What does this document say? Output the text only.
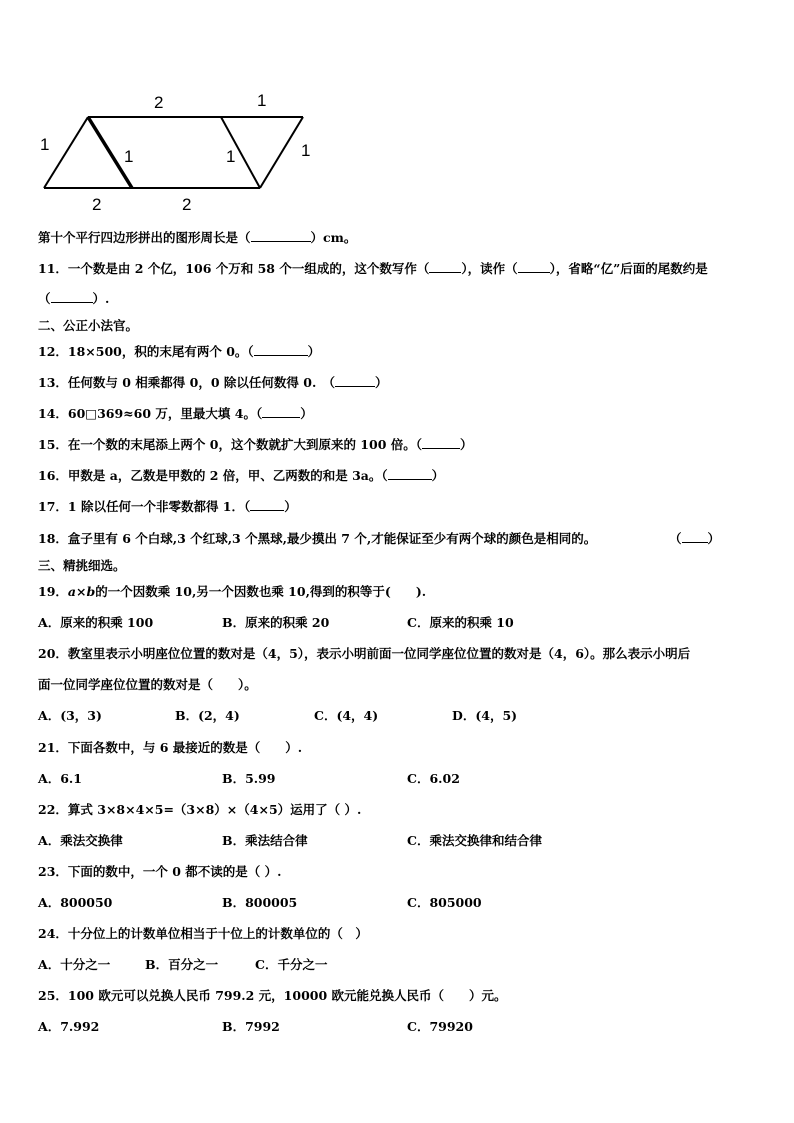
2	1
1
1	1	1
2	2
第十个平行四边形拼出的图形周长是（	）cm。
11．一个数是由 2 个亿，106 个万和 58 个一组成的，这个数写作（	），读作（	），省略“亿”后面的尾数约是
（	）.
二、公正小法官。
12．18×500，积的末尾有两个 0。（	）
13．任何数与 0 相乘都得 0，0 除以任何数得 0.　（	）
14．60□369≈60 万，里最大填 4。（	）
15．在一个数的末尾添上两个 0，这个数就扩大到原来的 100 倍。（	）
16．甲数是 a，乙数是甲数的 2 倍，甲、乙两数的和是 3a。（	）
17．1 除以任何一个非零数都得 1．（	）
18．盒子里有 6 个白球,3 个红球,3 个黑球,最少摸出 7 个,才能保证至少有两个球的颜色是相同的。	（ ）
三、精挑细选。
19．a×b的一个因数乘 10,另一个因数也乘 10,得到的积等于(　　).
A．原来的积乘 100	B．原来的积乘 20	C．原来的积乘 10
20．教室里表示小明座位位置的数对是（4，5），表示小明前面一位同学座位位置的数对是（4，6）。那么表示小明后
面一位同学座位位置的数对是（　　）。
A．(3，3)	B．(2，4)	C．(4，4)	D．(4，5)
21．下面各数中，与 6 最接近的数是（　　）.
A．6.1	B．5.99	C．6.02
22．算式 3×8×4×5=（3×8）×（4×5）运用了（ ）.
A．乘法交换律	B．乘法结合律	C．乘法交换律和结合律
23．下面的数中，一个 0 都不读的是（ ）.
A．800050	B．800005	C．805000
24．十分位上的计数单位相当于十位上的计数单位的（　）
A．十分之一	B．百分之一	C．千分之一
25．100 欧元可以兑换人民币 799.2 元，10000 欧元能兑换人民币（　　）元。
A．7.992	B．7992	C．79920
